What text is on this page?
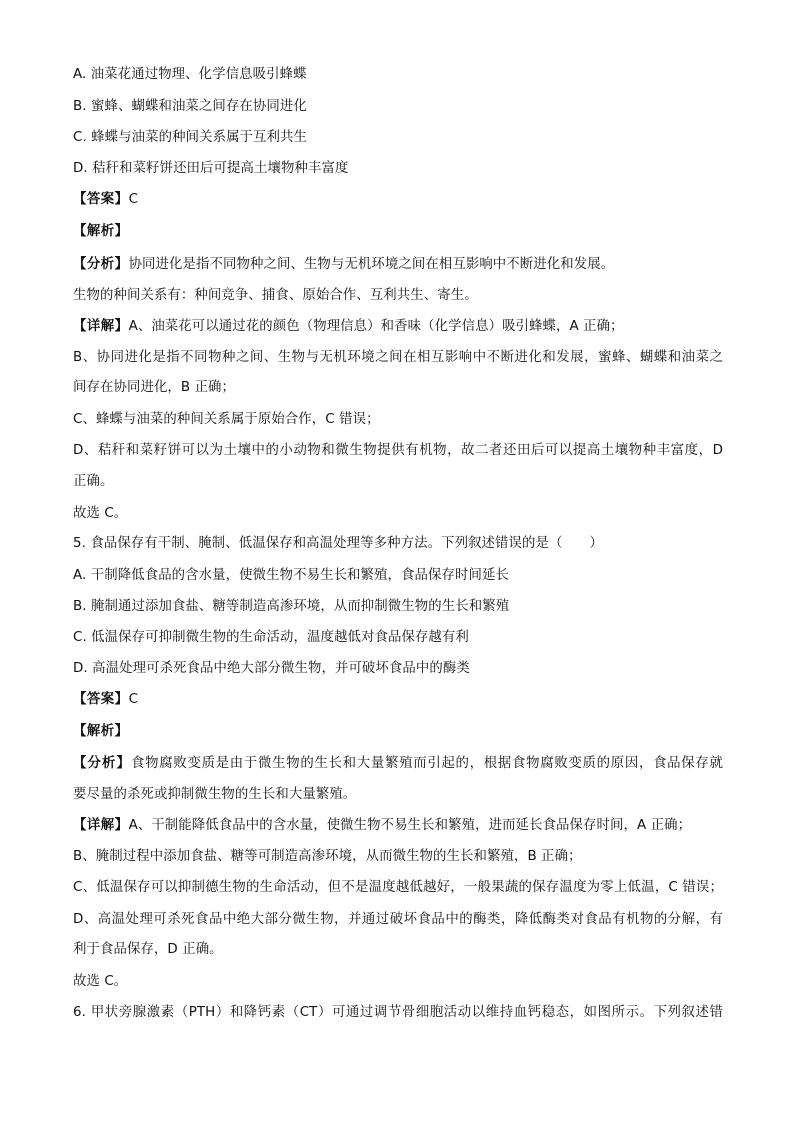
A. 油菜花通过物理、化学信息吸引蜂蝶
B. 蜜蜂、蝴蝶和油菜之间存在协同进化
C. 蜂蝶与油菜的种间关系属于互利共生
D. 秸秆和菜籽饼还田后可提高土壤物种丰富度
【答案】C
【解析】
【分析】协同进化是指不同物种之间、生物与无机环境之间在相互影响中不断进化和发展。
生物的种间关系有：种间竞争、捕食、原始合作、互利共生、寄生。
【详解】A、油菜花可以通过花的颜色（物理信息）和香味（化学信息）吸引蜂蝶，A 正确；
B、协同进化是指不同物种之间、生物与无机环境之间在相互影响中不断进化和发展，蜜蜂、蝴蝶和油菜之
间存在协同进化，B 正确；
C、蜂蝶与油菜的种间关系属于原始合作，C 错误；
D、秸秆和菜籽饼可以为土壤中的小动物和微生物提供有机物，故二者还田后可以提高土壤物种丰富度，D
正确。
故选 C。
5. 食品保存有干制、腌制、低温保存和高温处理等多种方法。下列叙述错误的是（　　）
A. 干制降低食品的含水量，使微生物不易生长和繁殖，食品保存时间延长
B. 腌制通过添加食盐、糖等制造高渗环境，从而抑制微生物的生长和繁殖
C. 低温保存可抑制微生物的生命活动，温度越低对食品保存越有利
D. 高温处理可杀死食品中绝大部分微生物，并可破坏食品中的酶类
【答案】C
【解析】
【分析】食物腐败变质是由于微生物的生长和大量繁殖而引起的，根据食物腐败变质的原因，食品保存就
要尽量的杀死或抑制微生物的生长和大量繁殖。
【详解】A、干制能降低食品中的含水量，使微生物不易生长和繁殖，进而延长食品保存时间，A 正确；
B、腌制过程中添加食盐、糖等可制造高渗环境，从而微生物的生长和繁殖，B 正确；
C、低温保存可以抑制德生物的生命活动，但不是温度越低越好，一般果蔬的保存温度为零上低温，C 错误；
D、高温处理可杀死食品中绝大部分微生物，并通过破坏食品中的酶类，降低酶类对食品有机物的分解，有
利于食品保存，D 正确。
故选 C。
6. 甲状旁腺激素（PTH）和降钙素（CT）可通过调节骨细胞活动以维持血钙稳态，如图所示。下列叙述错
